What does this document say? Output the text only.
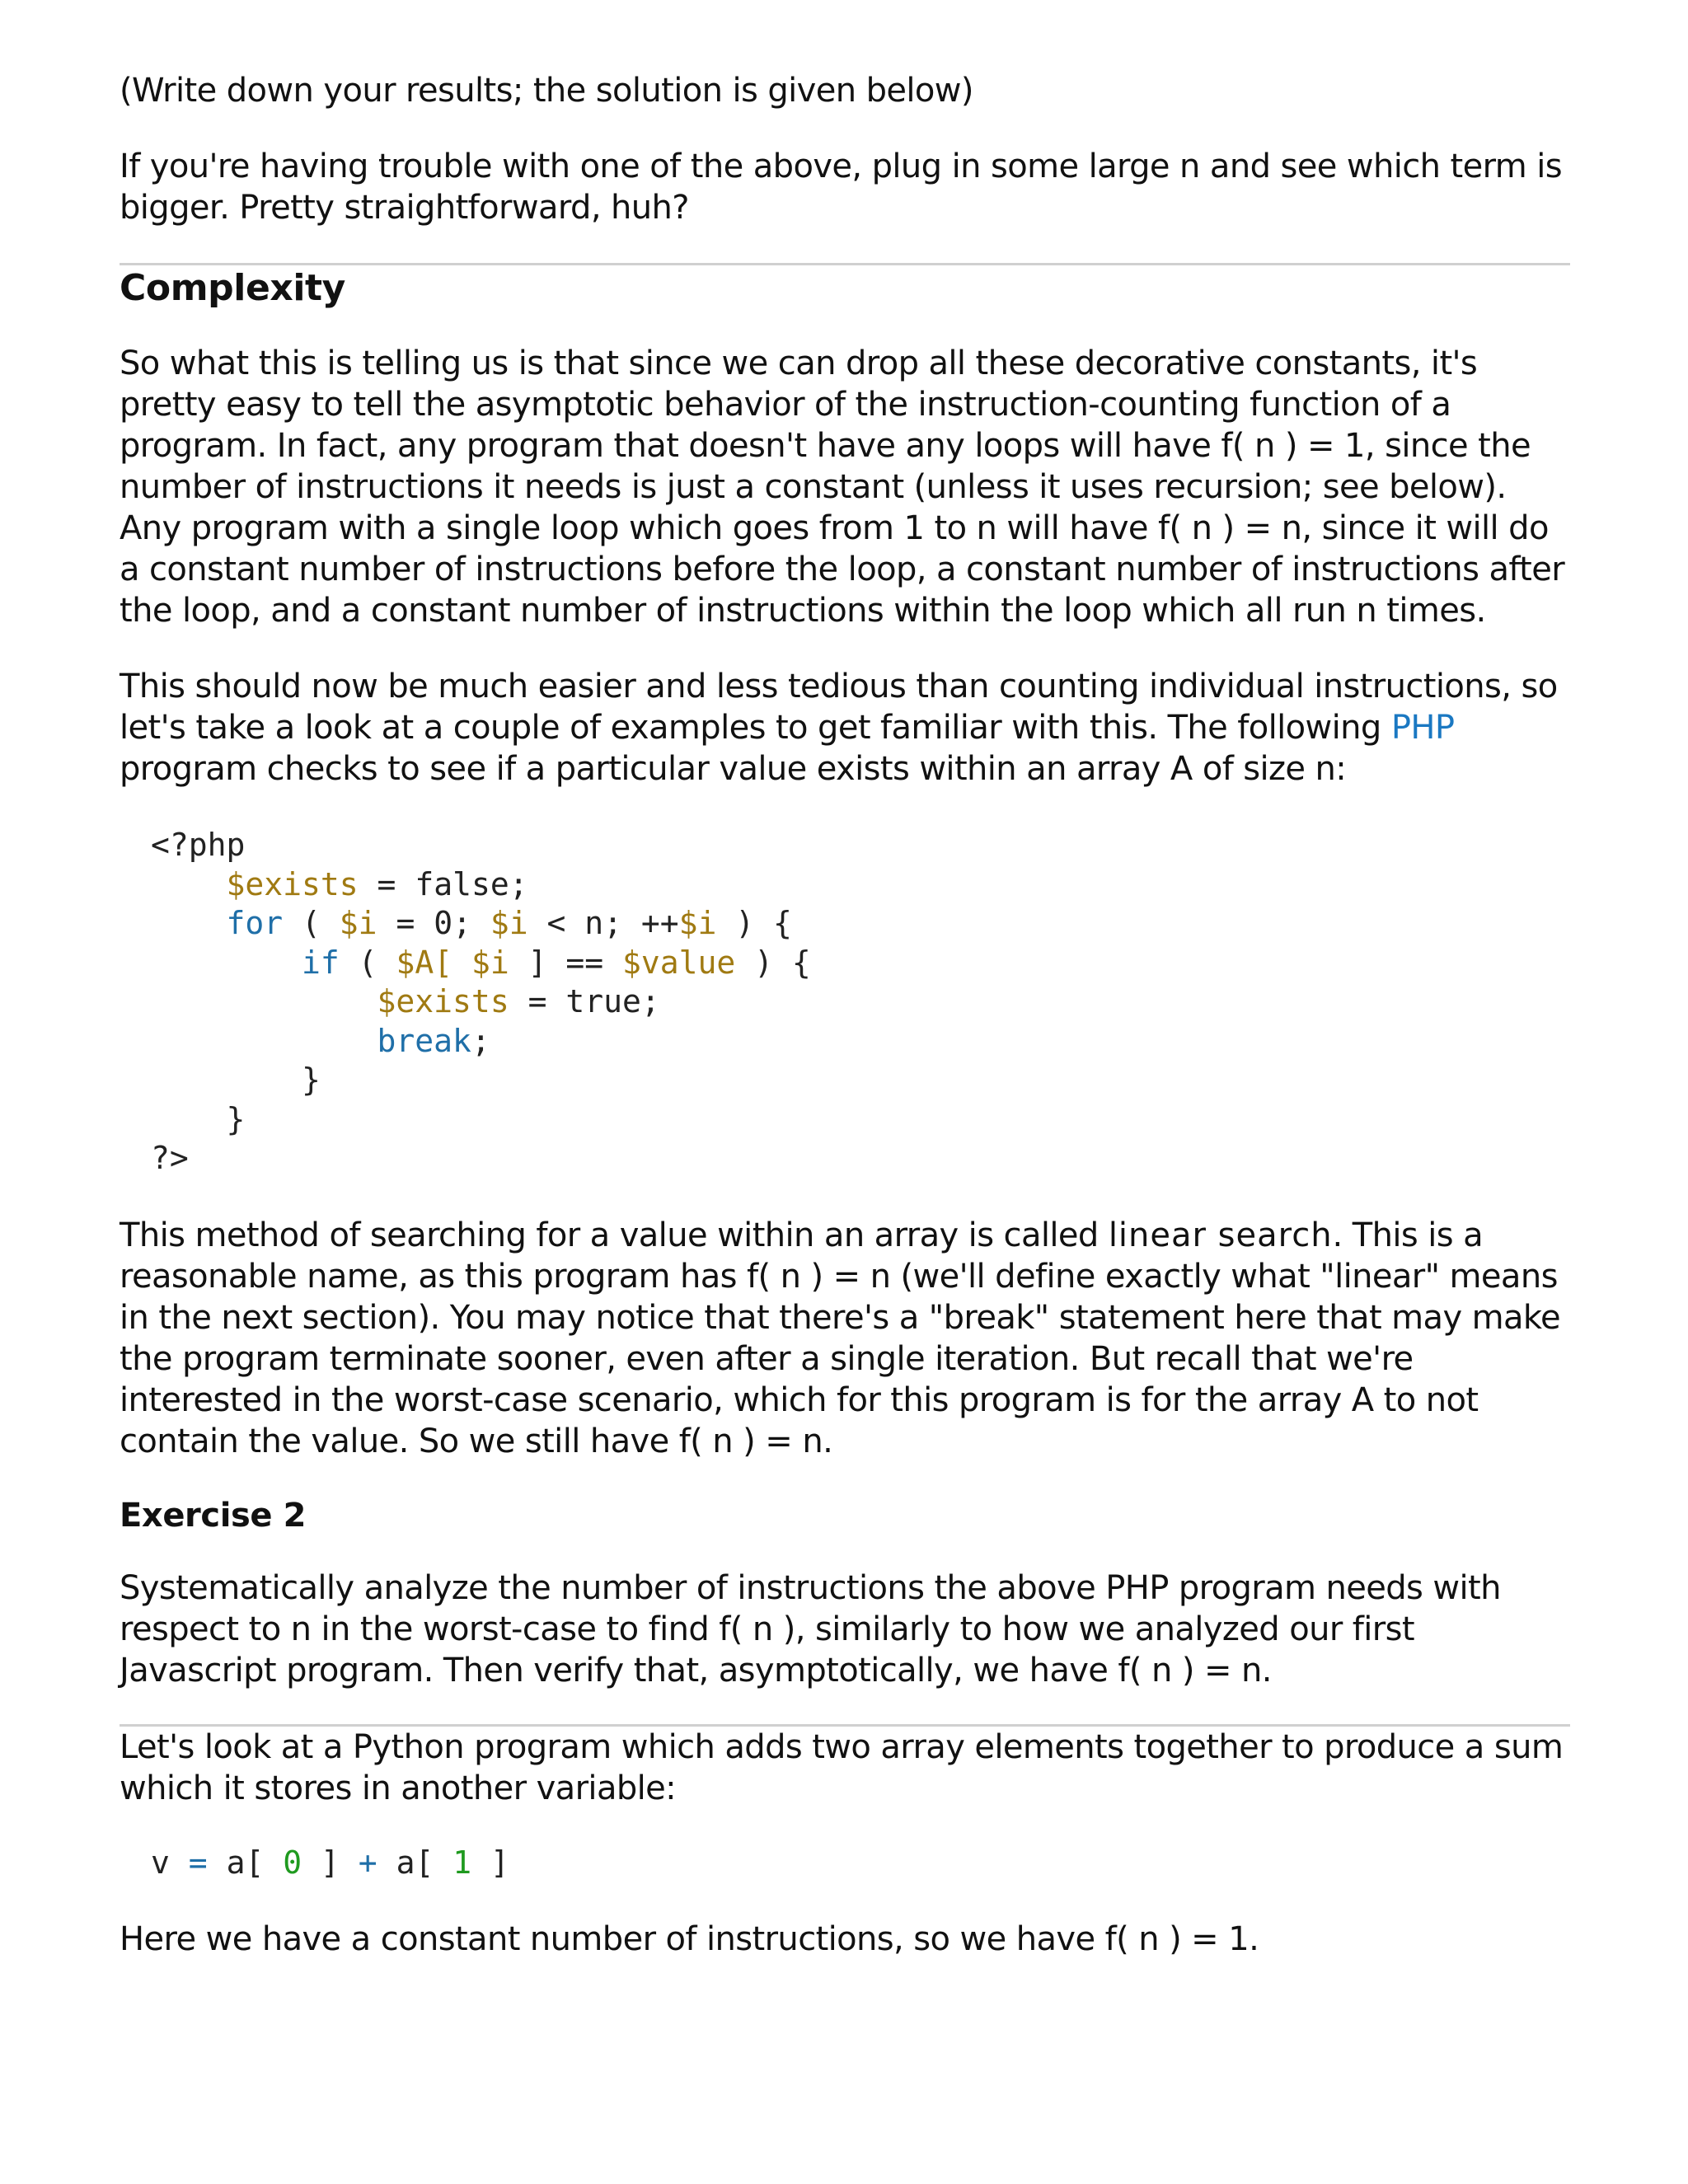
(Write down your results; the solution is given below)

If you're having trouble with one of the above, plug in some large n and see which term is bigger. Pretty straightforward, huh?

Complexity

So what this is telling us is that since we can drop all these decorative constants, it's pretty easy to tell the asymptotic behavior of the instruction-counting function of a program. In fact, any program that doesn't have any loops will have f( n ) = 1, since the number of instructions it needs is just a constant (unless it uses recursion; see below). Any program with a single loop which goes from 1 to n will have f( n ) = n, since it will do a constant number of instructions before the loop, a constant number of instructions after the loop, and a constant number of instructions within the loop which all run n times.

This should now be much easier and less tedious than counting individual instructions, so let's take a look at a couple of examples to get familiar with this. The following PHP program checks to see if a particular value exists within an array A of size n:

<?php
$exists = false;
for ( $i = 0; $i < n; ++$i ) {
if ( $A[ $i ] == $value ) {
$exists = true;
break;
}
}
?>

This method of searching for a value within an array is called linear search. This is a reasonable name, as this program has f( n ) = n (we'll define exactly what "linear" means in the next section). You may notice that there's a "break" statement here that may make the program terminate sooner, even after a single iteration. But recall that we're interested in the worst-case scenario, which for this program is for the array A to not contain the value. So we still have f( n ) = n.

Exercise 2

Systematically analyze the number of instructions the above PHP program needs with respect to n in the worst-case to find f( n ), similarly to how we analyzed our first Javascript program. Then verify that, asymptotically, we have f( n ) = n.

Let's look at a Python program which adds two array elements together to produce a sum which it stores in another variable:

v = a[ 0 ] + a[ 1 ]

Here we have a constant number of instructions, so we have f( n ) = 1.
